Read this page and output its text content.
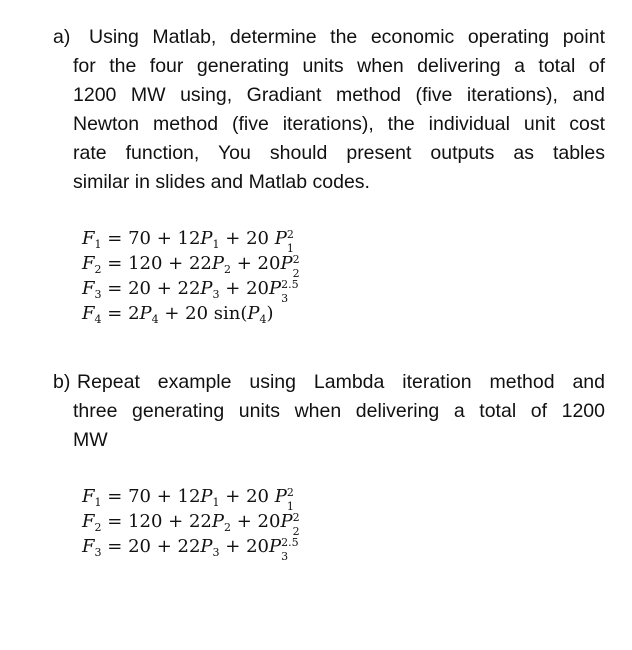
a) Using Matlab, determine the economic operating point
for the four generating units when delivering a total of
1200 MW using, Gradiant method (five iterations), and
Newton method (five iterations), the individual unit cost
rate function, You should present outputs as tables
similar in slides and Matlab codes.
$F_1 = 70 + 12P_1 + 20$ P 2
1
$F_2 = 120 + 22P_2 + 20P$ 2
2
$F_3 = 20 + 22P_3 + 20P$ 2.5
3
$F_4 = 2P_4 + 20$ $\sin(P_4)$
b) Repeat example using Lambda iteration method and
three generating units when delivering a total of 1200
MW
$F_1 = 70 + 12P_1 + 20$ P 2
1
$F_2 = 120 + 22P_2 + 20P$ 2
2
$F_3 = 20 + 22P_3 + 20P$ 2.5
3
